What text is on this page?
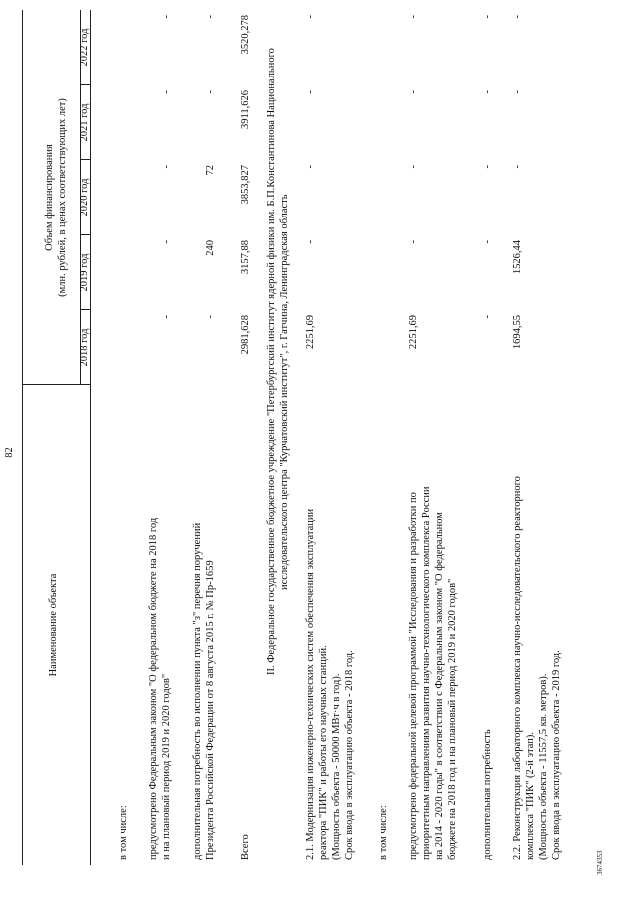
82
Наименование объекта
Объем финансирования (млн. рублей, в ценах соответствующих лет)
2018 год
2019 год
2020 год
2021 год
2022 год
в том числе: предусмотрено Федеральным законом "О федеральном бюджете на 2018 год и на плановый период 2019 и 2020 годов"
-
-
-
-
-
дополнительная потребность во исполнении пункта "з" перечня поручений Президента Российской Федерации от 8 августа 2015 г. № Пр-1659
-
240
72
-
-
Всего
2981,628
3157,88
3853,827
3911,626
3520,278
II. Федеральное государственное бюджетное учреждение "Петербургский институт ядерной физики им. Б.П.Константинова Национального исследовательского центра "Курчатовский институт", г. Гатчина, Ленинградская область
2.1. Модернизация инженерно-технических систем обеспечения эксплуатации реактора "ПИК" и работы его научных станций. (Мощность объекта - 50000 МВт·ч в год). Срок ввода в эксплуатацию объекта - 2018 год.
2251,69
-
-
-
-
в том числе: предусмотрено федеральной целевой программой "Исследования и разработки по приоритетным направлениям развития научно-технологического комплекса России на 2014 - 2020 годы" в соответствии с Федеральным законом "О федеральном бюджете на 2018 год и на плановый период 2019 и 2020 годов"
2251,69
-
-
-
-
дополнительная потребность
-
-
-
-
-
2.2. Реконструкция лабораторного комплекса научно-исследовательского реакторного комплекса "ПИК" (2-й этап). (Мощность объекта - 11557,5 кв. метров). Срок ввода в эксплуатацию объекта - 2019 год.
1694,55
1526,44
-
-
-
3674353
